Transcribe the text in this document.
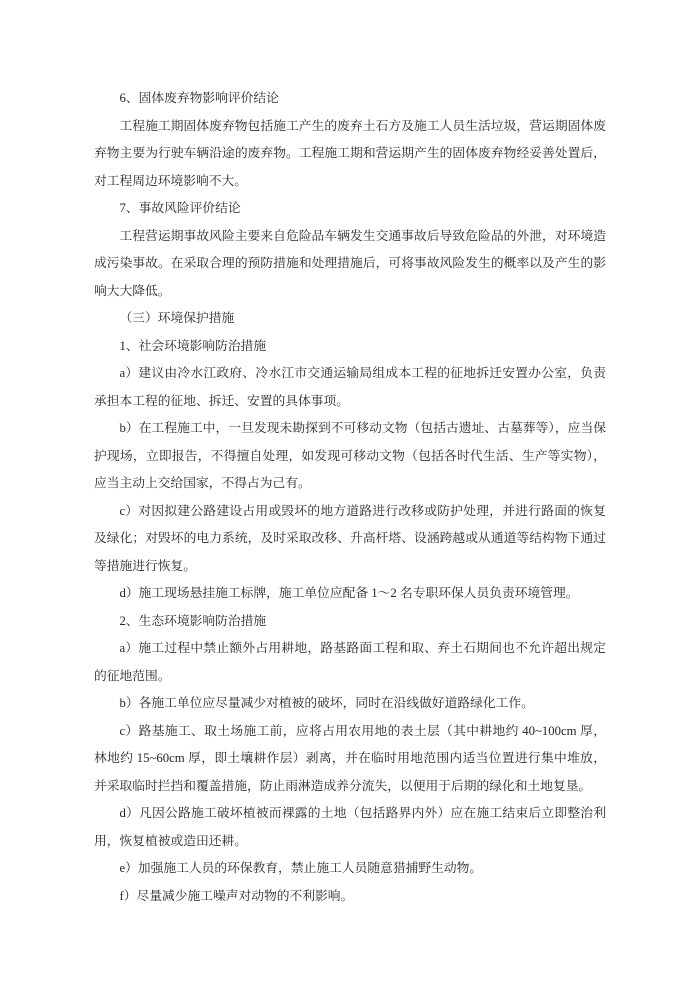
6、固体废弃物影响评价结论

工程施工期固体废弃物包括施工产生的废弃土石方及施工人员生活垃圾，营运期固体废弃物主要为行驶车辆沿途的废弃物。工程施工期和营运期产生的固体废弃物经妥善处置后，对工程周边环境影响不大。

7、事故风险评价结论

工程营运期事故风险主要来自危险品车辆发生交通事故后导致危险品的外泄，对环境造成污染事故。在采取合理的预防措施和处理措施后，可将事故风险发生的概率以及产生的影响大大降低。

（三）环境保护措施

1、社会环境影响防治措施

a）建议由冷水江政府、冷水江市交通运输局组成本工程的征地拆迁安置办公室，负责承担本工程的征地、拆迁、安置的具体事项。

b）在工程施工中，一旦发现未勘探到不可移动文物（包括古遗址、古墓葬等），应当保护现场，立即报告，不得擅自处理，如发现可移动文物（包括各时代生活、生产等实物），应当主动上交给国家，不得占为己有。

c）对因拟建公路建设占用或毁坏的地方道路进行改移或防护处理，并进行路面的恢复及绿化；对毁坏的电力系统，及时采取改移、升高杆塔、设涵跨越或从通道等结构物下通过等措施进行恢复。

d）施工现场悬挂施工标牌，施工单位应配备 1～2 名专职环保人员负责环境管理。

2、生态环境影响防治措施

a）施工过程中禁止额外占用耕地，路基路面工程和取、弃土石期间也不允许超出规定的征地范围。

b）各施工单位应尽量减少对植被的破坏，同时在沿线做好道路绿化工作。

c）路基施工、取土场施工前，应将占用农用地的表土层（其中耕地约 40~100cm 厚，林地约 15~60cm 厚，即土壤耕作层）剥离，并在临时用地范围内适当位置进行集中堆放，并采取临时拦挡和覆盖措施，防止雨淋造成养分流失，以便用于后期的绿化和土地复垦。

d）凡因公路施工破坏植被而裸露的土地（包括路界内外）应在施工结束后立即整治利用，恢复植被或造田还耕。

e）加强施工人员的环保教育，禁止施工人员随意猎捕野生动物。

f）尽量减少施工噪声对动物的不利影响。
